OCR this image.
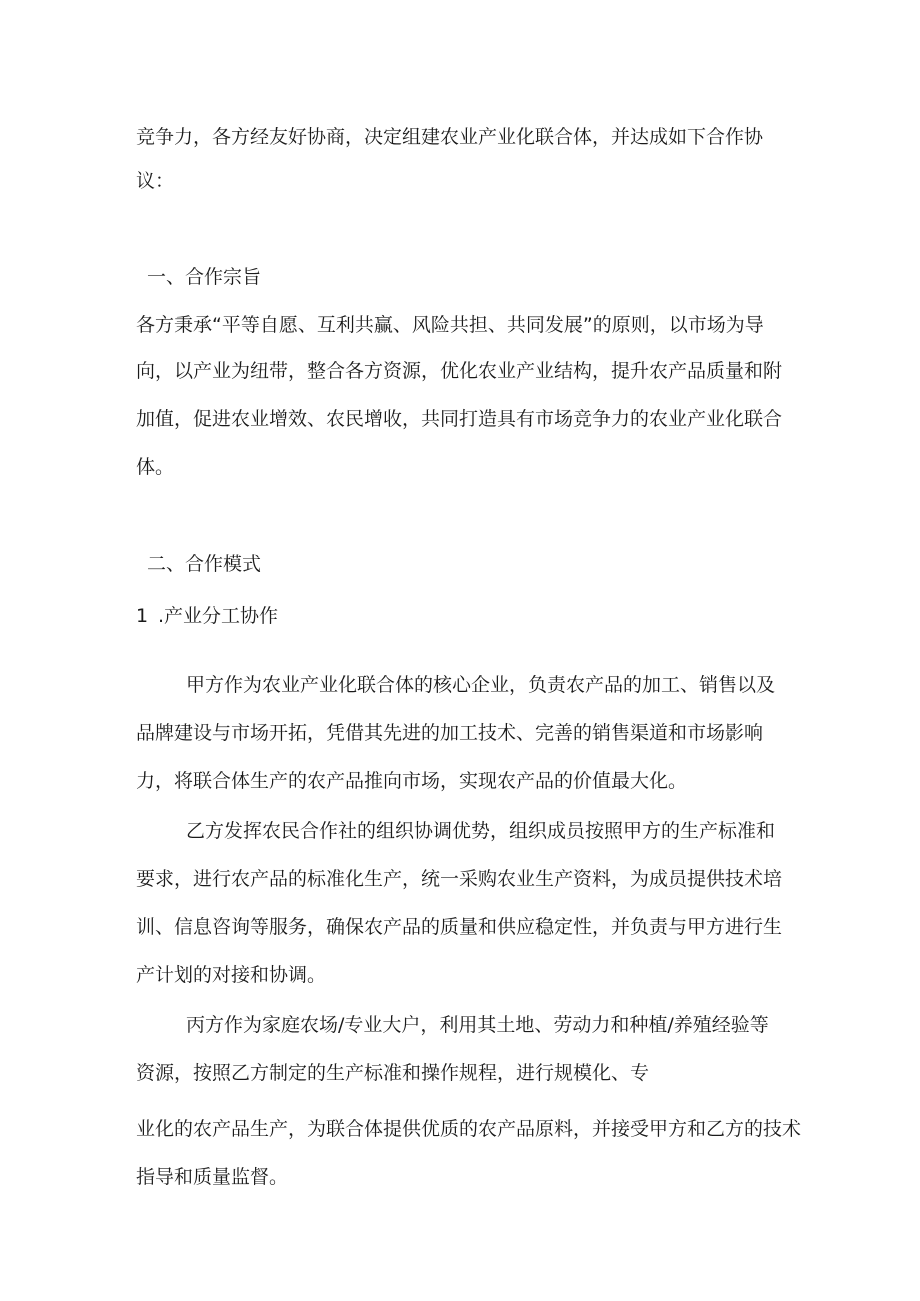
竞争力，各方经友好协商，决定组建农业产业化联合体，并达成如下合作协
议：
一、合作宗旨
各方秉承“平等自愿、互利共赢、风险共担、共同发展”的原则，以市场为导
向，以产业为纽带，整合各方资源，优化农业产业结构，提升农产品质量和附
加值，促进农业增效、农民增收，共同打造具有市场竞争力的农业产业化联合
体。
二、合作模式
1 .产业分工协作
甲方作为农业产业化联合体的核心企业，负责农产品的加工、销售以及
品牌建设与市场开拓，凭借其先进的加工技术、完善的销售渠道和市场影响
力，将联合体生产的农产品推向市场，实现农产品的价值最大化。
乙方发挥农民合作社的组织协调优势，组织成员按照甲方的生产标准和
要求，进行农产品的标准化生产，统一采购农业生产资料，为成员提供技术培
训、信息咨询等服务，确保农产品的质量和供应稳定性，并负责与甲方进行生
产计划的对接和协调。
丙方作为家庭农场/专业大户，利用其土地、劳动力和种植/养殖经验等
资源，按照乙方制定的生产标准和操作规程，进行规模化、专
业化的农产品生产，为联合体提供优质的农产品原料，并接受甲方和乙方的技术
指导和质量监督。
